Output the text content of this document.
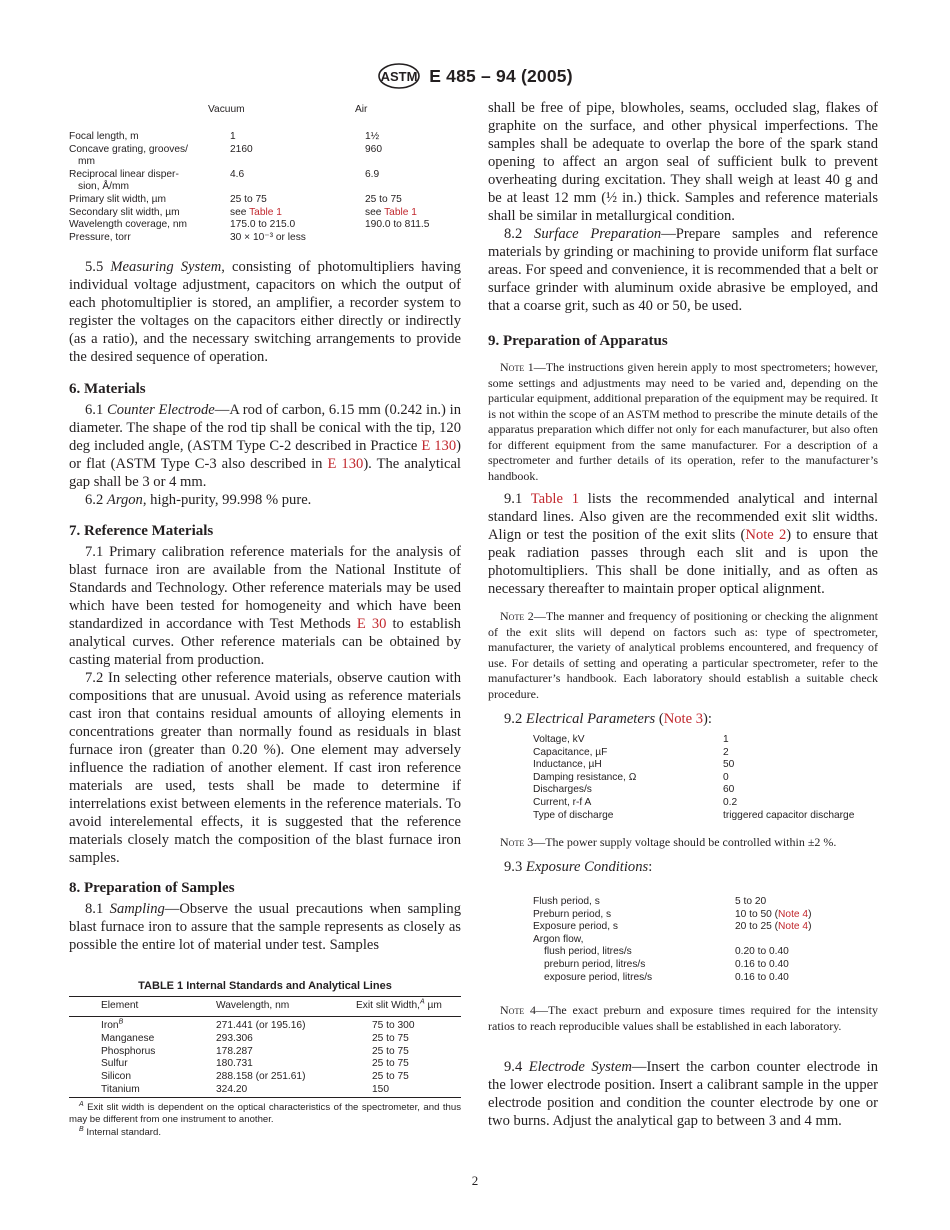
ASTM E 485 – 94 (2005)
	Vacuum	Air
Focal length, m	1	1½
Concave grating, grooves/
mm	2160	960
Reciprocal linear disper-
sion, Å/mm	4.6	6.9
Primary slit width, µm	25 to 75	25 to 75
Secondary slit width, µm	see Table 1	see Table 1
Wavelength coverage, nm	175.0 to 215.0	190.0 to 811.5
Pressure, torr	30 × 10⁻³ or less	

5.5 Measuring System, consisting of photomultipliers having individual voltage adjustment, capacitors on which the output of each photomultiplier is stored, an amplifier, a recorder system to register the voltages on the capacitors either directly or indirectly (as a ratio), and the necessary switching arrangements to provide the desired sequence of operation.

6. Materials

6.1 Counter Electrode—A rod of carbon, 6.15 mm (0.242 in.) in diameter. The shape of the rod tip shall be conical with the tip, 120 deg included angle, (ASTM Type C-2 described in Practice E 130) or flat (ASTM Type C-3 also described in E 130). The analytical gap shall be 3 or 4 mm.

6.2 Argon, high-purity, 99.998 % pure.

7. Reference Materials

7.1 Primary calibration reference materials for the analysis of blast furnace iron are available from the National Institute of Standards and Technology. Other reference materials may be used which have been tested for homogeneity and which have been standardized in accordance with Test Methods E 30 to establish analytical curves. Other reference materials can be obtained by casting material from production.

7.2 In selecting other reference materials, observe caution with compositions that are unusual. Avoid using as reference materials cast iron that contains residual amounts of alloying elements in concentrations greater than normally found as residuals in blast furnace iron (greater than 0.20 %). One element may adversely influence the radiation of another element. If cast iron reference materials are used, tests shall be made to determine if interrelations exist between elements in the reference materials. To avoid interelemental effects, it is suggested that the reference materials closely match the composition of the blast furnace iron samples.

8. Preparation of Samples

8.1 Sampling—Observe the usual precautions when sampling blast furnace iron to assure that the sample represents as closely as possible the entire lot of material under test. Samples

TABLE 1 Internal Standards and Analytical Lines
	Element	Wavelength, nm	Exit slit Width,$^A$ µm

	Iron$^B$	271.441 (or 195.16)	75 to 300
	Manganese	293.306	25 to 75
	Phosphorus	178.287	25 to 75
	Sulfur	180.731	25 to 75
	Silicon	288.158 (or 251.61)	25 to 75
	Titanium	324.20	150
$^A$ Exit slit width is dependent on the optical characteristics of the spectrometer, and thus may be different from one instrument to another.
$^B$ Internal standard.

shall be free of pipe, blowholes, seams, occluded slag, flakes of graphite on the surface, and other physical imperfections. The samples shall be adequate to overlap the bore of the spark stand opening to affect an argon seal of sufficient bulk to prevent overheating during excitation. They shall weigh at least 40 g and be at least 12 mm (½ in.) thick. Samples and reference materials shall be similar in metallurgical condition.

8.2 Surface Preparation—Prepare samples and reference materials by grinding or machining to provide uniform flat surface areas. For speed and convenience, it is recommended that a belt or surface grinder with aluminum oxide abrasive be employed, and that a coarse grit, such as 40 or 50, be used.

9. Preparation of Apparatus

Note 1—The instructions given herein apply to most spectrometers; however, some settings and adjustments may need to be varied and, depending on the particular equipment, additional preparation of the equipment may be required. It is not within the scope of an ASTM method to prescribe the minute details of the apparatus preparation which differ not only for each manufacturer, but also often for different equipment from the same manufacturer. For a description of a spectrometer and further details of its operation, refer to the manufacturer’s handbook.

9.1 Table 1 lists the recommended analytical and internal standard lines. Also given are the recommended exit slit widths. Align or test the position of the exit slits (Note 2) to ensure that peak radiation passes through each slit and is upon the photomultipliers. This shall be done initially, and as often as necessary thereafter to maintain proper optical alignment.

Note 2—The manner and frequency of positioning or checking the alignment of the exit slits will depend on factors such as: type of spectrometer, manufacturer, the variety of analytical problems encountered, and frequency of use. For details of setting and operating a particular spectrometer, refer to the manufacturer’s handbook. Each laboratory should establish a suitable check procedure.

9.2 Electrical Parameters (Note 3):

Voltage, kV	1
Capacitance, µF	2
Inductance, µH	50
Damping resistance, Ω	0
Discharges/s	60
Current, r-f A	0.2
Type of discharge	triggered capacitor discharge

Note 3—The power supply voltage should be controlled within ±2 %.

9.3 Exposure Conditions:

Flush period, s	5 to 20
Preburn period, s	10 to 50 (Note 4)
Exposure period, s	20 to 25 (Note 4)
Argon flow,	
flush period, litres/s	0.20 to 0.40
preburn period, litres/s	0.16 to 0.40
exposure period, litres/s	0.16 to 0.40

Note 4—The exact preburn and exposure times required for the intensity ratios to reach reproducible values shall be established in each laboratory.

9.4 Electrode System—Insert the carbon counter electrode in the lower electrode position. Insert a calibrant sample in the upper electrode position and condition the counter electrode by one or two burns. Adjust the analytical gap to between 3 and 4 mm.

2
